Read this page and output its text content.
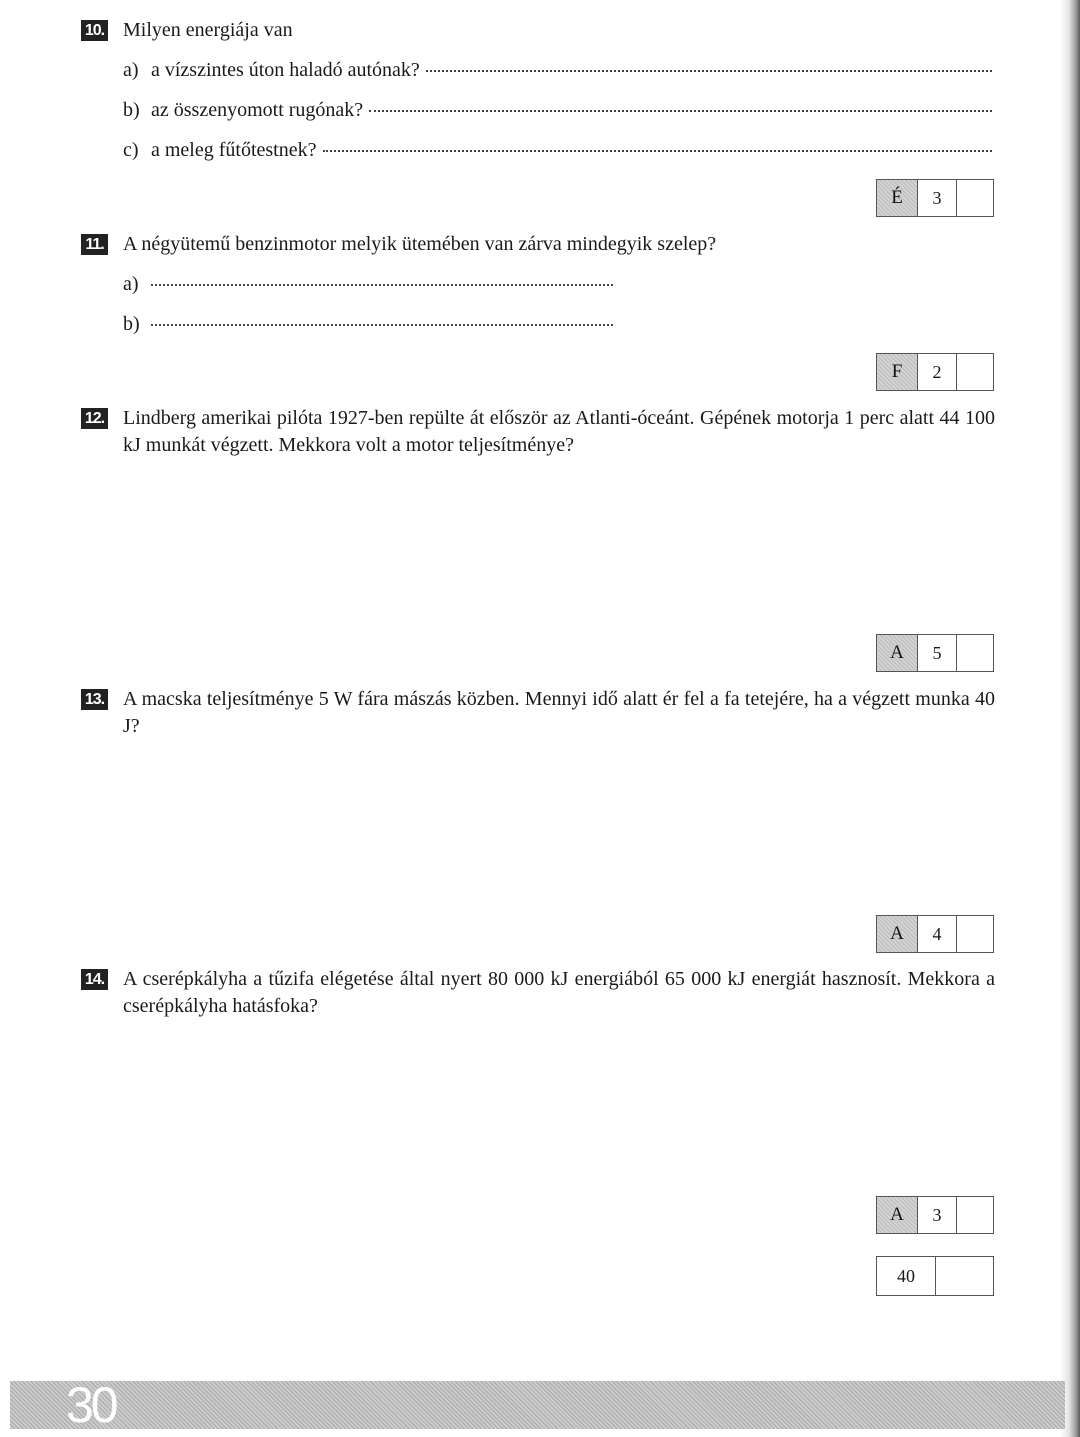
10. Milyen energiája van
a) a vízszintes úton haladó autónak?
b) az összenyomott rugónak?
c) a meleg fűtőtestnek?
É	3
11. A négyütemű benzinmotor melyik ütemében van zárva mindegyik szelep?
a)
b)
F	2
12. Lindberg amerikai pilóta 1927-ben repülte át először az Atlanti-óceánt. Gépének motorja 1 perc alatt 44 100 kJ munkát végzett. Mekkora volt a motor teljesítménye?
A	5
13. A macska teljesítménye 5 W fára mászás közben. Mennyi idő alatt ér fel a fa tetejére, ha a végzett munka 40 J?
A	4
14. A cserépkályha a tűzifa elégetése által nyert 80 000 kJ energiából 65 000 kJ energiát hasznosít. Mekkora a cserépkályha hatásfoka?
A	3
40
30
